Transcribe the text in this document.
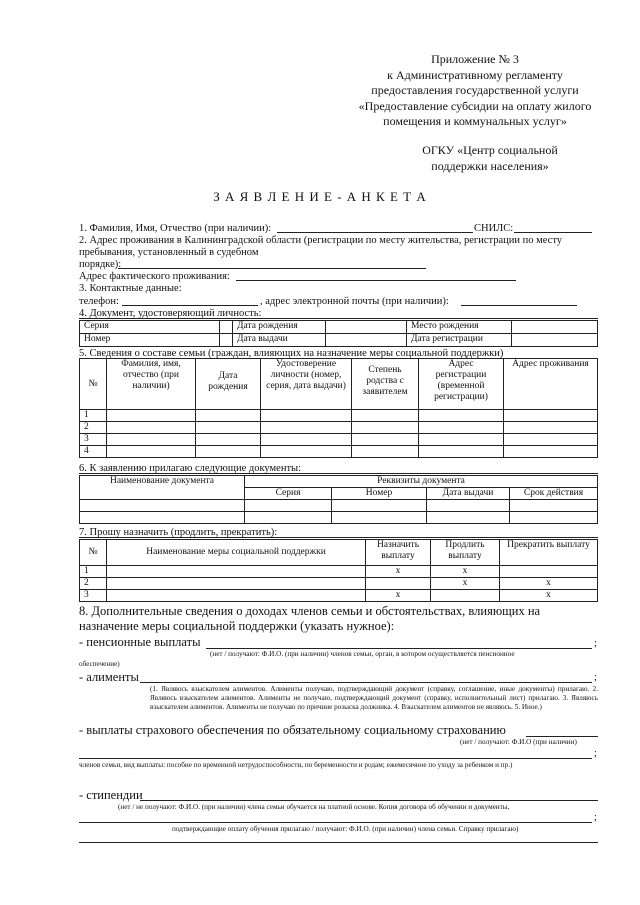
Приложение № 3
к Административному регламенту
предоставления государственной услуги
«Предоставление субсидии на оплату жилого
помещения и коммунальных услуг»
ОГКУ «Центр социальной
поддержки населения»
З А Я В Л Е Н И Е - А Н К Е Т А
1. Фамилия, Имя, Отчество (при наличии):	СНИЛС:
2. Адрес проживания в Калининградской области (регистрации по месту жительства, регистрации по месту
пребывания, установленный в судебном
порядке):
Адрес фактического проживания:
3. Контактные данные:
телефон:	, адрес электронной почты (при наличии):
4. Документ, удостоверяющий личность:
Серия		Дата рождения		Место рождения	
Номер		Дата выдачи		Дата регистрации	
5. Сведения о составе семьи (граждан, влияющих на назначение меры социальной поддержки)
№	Фамилия, имя, отчество (при наличии)	Дата рождения	Удостоверение личности (номер, серия, дата выдачи)	Степень родства с заявителем	Адрес регистрации (временной регистрации)	Адрес проживания
1						
2						
3						
4						
6. К заявлению прилагаю следующие документы:
Наименование документа	Реквизиты документа			
	Серия	Номер	Дата выдачи	Срок действия

7. Прошу назначить (продлить, прекратить):
№	Наименование меры социальной поддержки	Назначить выплату	Продлить выплату	Прекратить выплату
1		x	x	
2			x	x
3		x		x
8. Дополнительные сведения о доходах членов семьи и обстоятельствах, влияющих на
назначение меры социальной поддержки (указать нужное):
- пенсионные выплаты	;
(нет / получают: Ф.И.О. (при наличии) членов семьи, орган, в котором осуществляется пенсионное
обеспечение)
- алименты	;
(1. Являюсь взыскателем алиментов. Алименты получаю, подтверждающий документ (справку, соглашение, иные документы) прилагаю. 2. Являюсь взыскателем алиментов. Алименты не получаю, подтверждающий документ (справку, исполнительный лист) прилагаю. 3. Являюсь взыскателем алиментов. Алименты не получаю по причине розыска должника. 4. Взыскателем алиментов не являюсь. 5. Иное.)
- выплаты страхового обеспечения по обязательному социальному страхованию
(нет / получают: Ф.И.О (при наличии)
;
членов семьи, вид выплаты: пособие по временной нетрудоспособности, по беременности и родам; ежемесячное по уходу за ребенком и пр.)
- стипендии
(нет / не получают: Ф.И.О. (при наличии) члена семьи обучается на платной основе. Копия договора об обучении и документы,
;
подтверждающие оплату обучения прилагаю / получают: Ф.И.О. (при наличии) члена семьи. Справку прилагаю)
